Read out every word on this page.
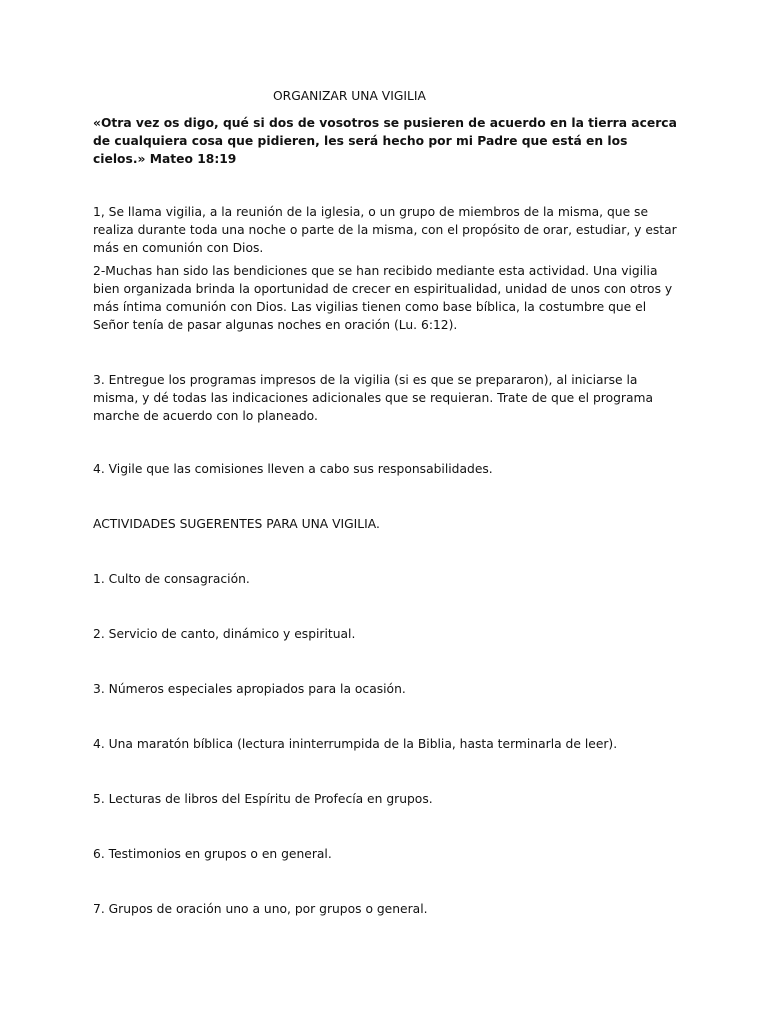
ORGANIZAR UNA VIGILIA

«Otra vez os digo, qué si dos de vosotros se pusieren de acuerdo en la tierra acerca de cualquiera cosa que pidieren, les será hecho por mi Padre que está en los cielos.» Mateo 18:19

1, Se llama vigilia, a la reunión de la iglesia, o un grupo de miembros de la misma, que se realiza durante toda una noche o parte de la misma, con el propósito de orar, estudiar, y estar más en comunión con Dios.

2-Muchas han sido las bendiciones que se han recibido mediante esta actividad. Una vigilia bien organizada brinda la oportunidad de crecer en espiritualidad, unidad de unos con otros y más íntima comunión con Dios. Las vigilias tienen como base bíblica, la costumbre que el Señor tenía de pasar algunas noches en oración (Lu. 6:12).

3. Entregue los programas impresos de la vigilia (si es que se prepararon), al iniciarse la misma, y dé todas las indicaciones adicionales que se requieran. Trate de que el programa marche de acuerdo con lo planeado.

4. Vigile que las comisiones lleven a cabo sus responsabilidades.

ACTIVIDADES SUGERENTES PARA UNA VIGILIA.

1. Culto de consagración.

2. Servicio de canto, dinámico y espiritual.

3. Números especiales apropiados para la ocasión.

4. Una maratón bíblica (lectura ininterrumpida de la Biblia, hasta terminarla de leer).

5. Lecturas de libros del Espíritu de Profecía en grupos.

6. Testimonios en grupos o en general.

7. Grupos de oración uno a uno, por grupos o general.
